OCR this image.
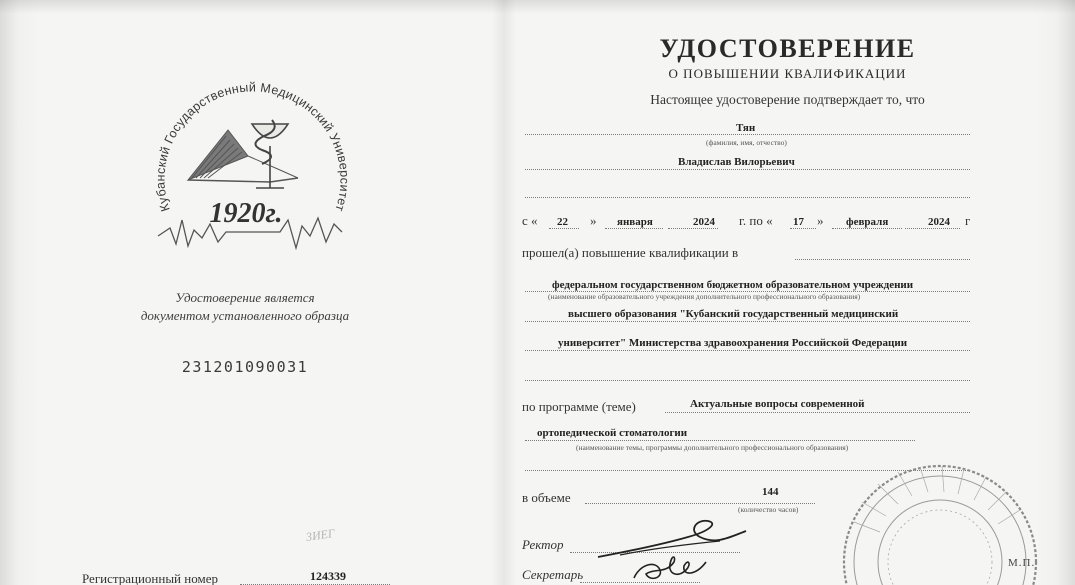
Кубанский Государственный Медицинский Университет
1920г.
Удостоверение является
документом установленного образца
231201090031
3ИЕГ
Регистрационный номер	124339
УДОСТОВЕРЕНИЕ
О ПОВЫШЕНИИ КВАЛИФИКАЦИИ
Настоящее удостоверение подтверждает то, что
Тян
(фамилия, имя, отчество)
Владислав Вилорьевич
с « 22 » января	2024 г. по « 17 » февраля	2024 г
прошел(а) повышение квалификации в
федеральном государственном бюджетном образовательном учреждении
(наименование образовательного учреждения дополнительного профессионального образования)
высшего образования "Кубанский государственный медицинский
университет" Министерства здравоохранения Российской Федерации
по программе (теме)	Актуальные вопросы современной
ортопедической стоматологии
(наименование темы, программы дополнительного профессионального образования)
в объеме	144
(количество часов)
Ректор
Секретарь
М.П.
